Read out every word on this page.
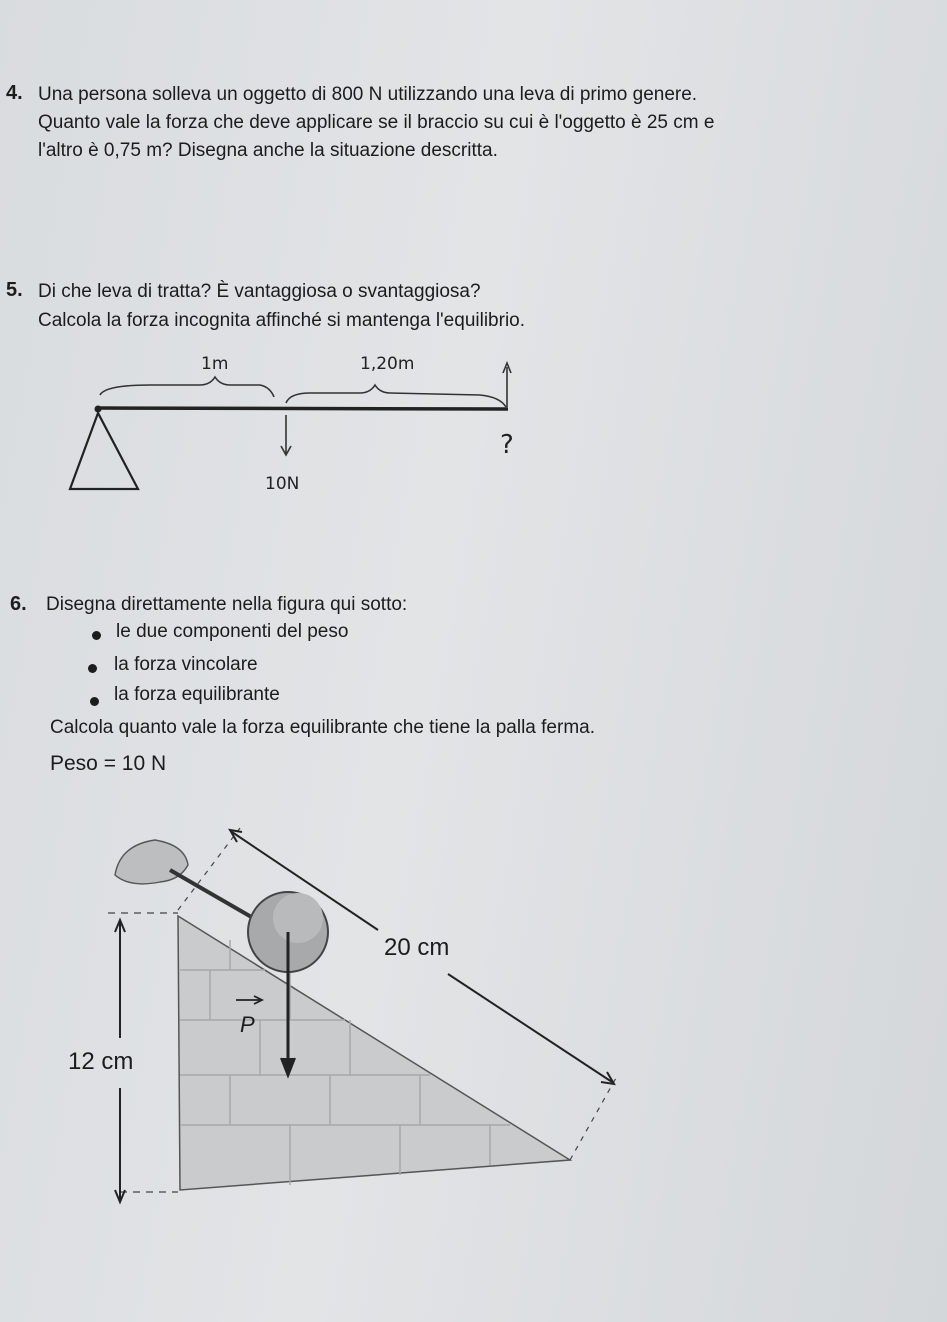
4. Una persona solleva un oggetto di 800 N utilizzando una leva di primo genere.
Quanto vale la forza che deve applicare se il braccio su cui è l'oggetto è 25 cm e
l'altro è 0,75 m? Disegna anche la situazione descritta.
5. Di che leva di tratta? È vantaggiosa o svantaggiosa?
Calcola la forza incognita affinché si mantenga l'equilibrio.
1m	1,20m
10N
?
6. Disegna direttamente nella figura qui sotto:
le due componenti del peso
la forza vincolare
la forza equilibrante
Calcola quanto vale la forza equilibrante che tiene la palla ferma.
Peso = 10 N
20 cm
12 cm
P
